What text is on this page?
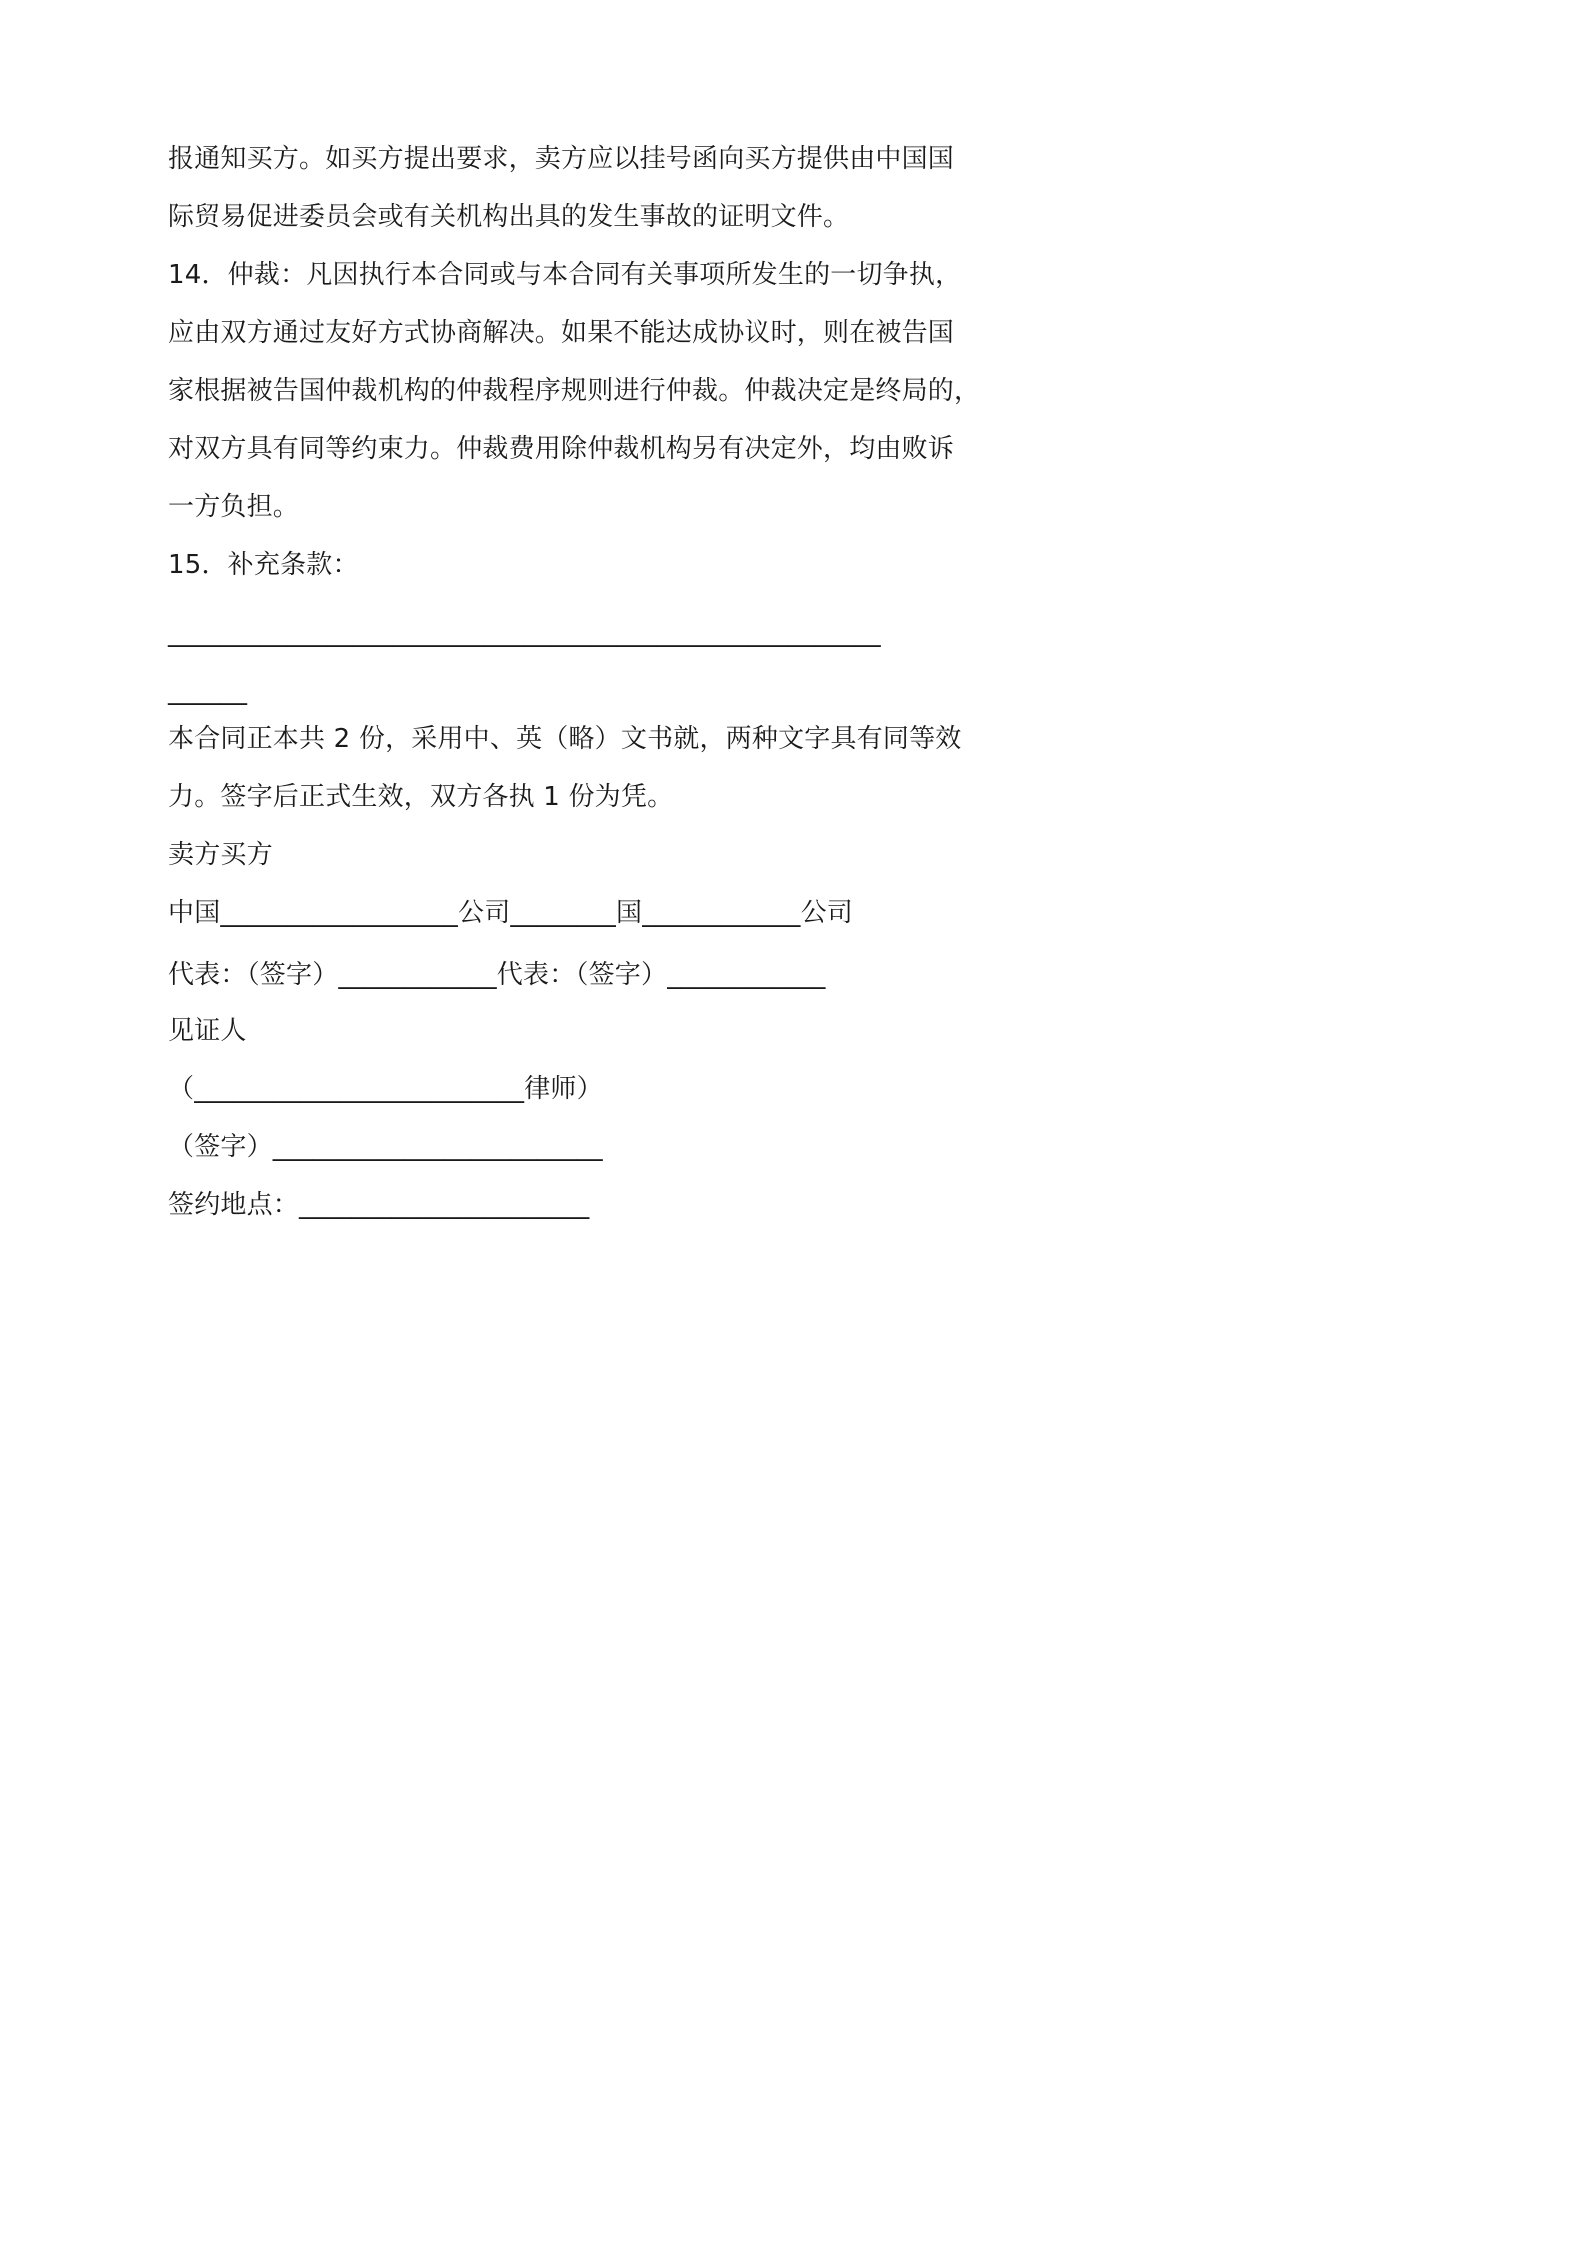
报通知买方。如买方提出要求，卖方应以挂号函向买方提供由中国国
际贸易促进委员会或有关机构出具的发生事故的证明文件。
14．仲裁：凡因执行本合同或与本合同有关事项所发生的一切争执，
应由双方通过友好方式协商解决。如果不能达成协议时，则在被告国
家根据被告国仲裁机构的仲裁程序规则进行仲裁。仲裁决定是终局的，
对双方具有同等约束力。仲裁费用除仲裁机构另有决定外，均由败诉
一方负担。
15．补充条款：
______________________________________________________
______
本合同正本共 2 份，采用中、英（略）文书就，两种文字具有同等效
力。签字后正式生效，双方各执 1 份为凭。
卖方买方
中国__________________公司________国____________公司
代表：（签字）____________代表：（签字）____________
见证人
（_________________________律师）
（签字）_________________________
签约地点：______________________
